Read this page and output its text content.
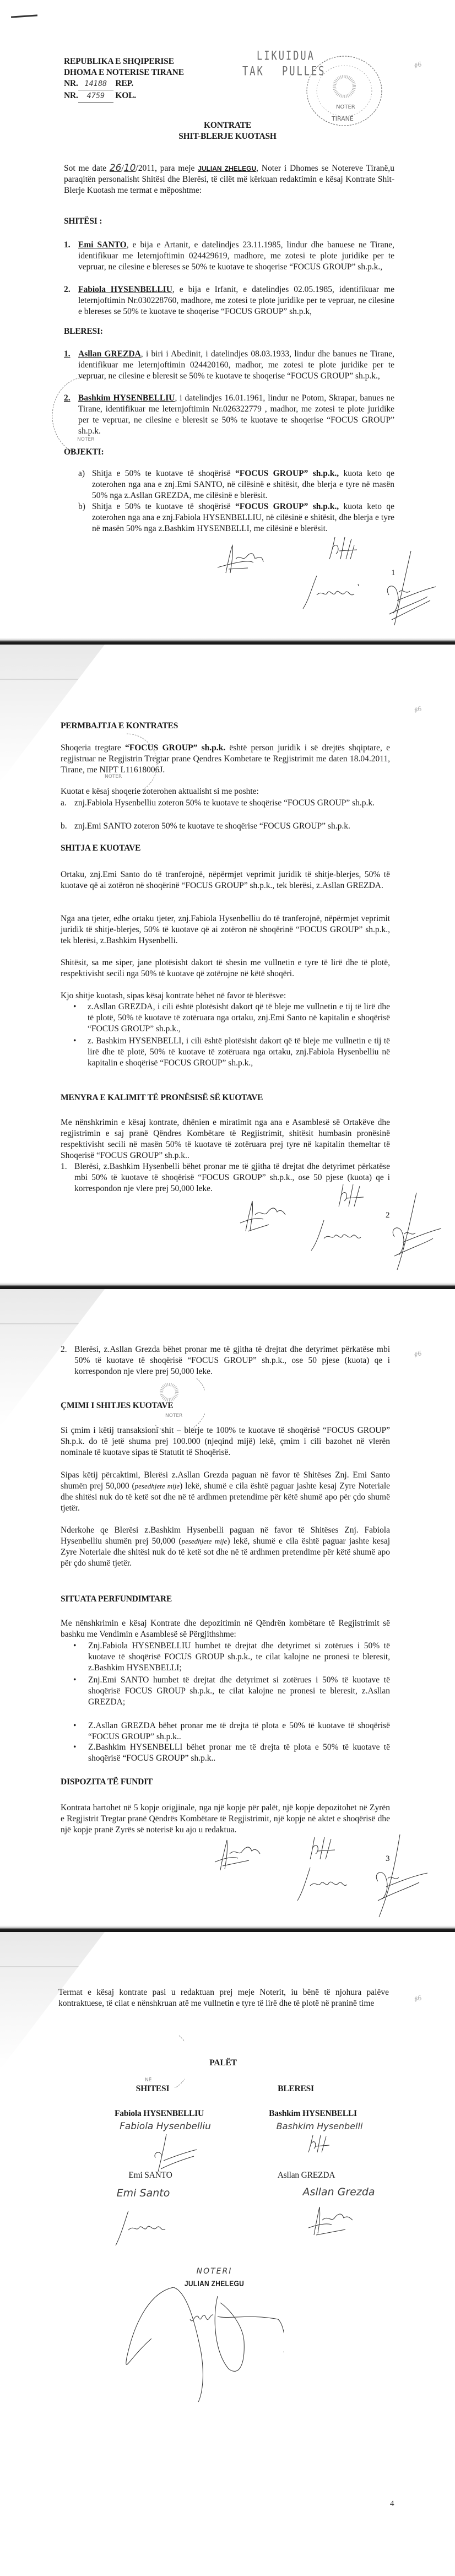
#6
#6
#6
#6
REPUBLIKA E SHQIPERISE
DHOMA E NOTERISE TIRANE
NR. 14188 REP.
NR. 4759 KOL.
LIKUIDUA
TAK PULLES
NOTER
TIRANË
KONTRATE
SHIT-BLERJE KUOTASH
Sot me date 26/10/2011, para meje JULIAN ZHELEGU, Noter i Dhomes se Notereve Tiranë,u paraqitën personalisht Shitësi dhe Blerësi, të cilët më kërkuan redaktimin e kësaj Kontrate Shit-Blerje Kuotash me termat e mëposhtme:
SHITËSI :
1. Emi SANTO, e bija e Artanit, e datelindjes 23.11.1985, lindur dhe banuese ne Tirane, identifikuar me leternjoftimin 024429619, madhore, me zotesi te plote juridike per te vepruar, ne cilesine e blereses se 50% te kuotave te shoqerise “FOCUS GROUP” sh.p.k.,
2. Fabiola HYSENBELLIU, e bija e Irfanit, e datelindjes 02.05.1985, identifikuar me leternjoftimin Nr.030228760, madhore, me zotesi te plote juridike per te vepruar, ne cilesine e blereses se 50% te kuotave te shoqerise “FOCUS GROUP” sh.p.k,
BLERESI:
1. Asllan GREZDA, i biri i Abedinit, i datelindjes 08.03.1933, lindur dhe banues ne Tirane, identifikuar me leternjoftimin 024420160, madhor, me zotesi te plote juridike per te vepruar, ne cilesine e bleresit se 50% te kuotave te shoqerise “FOCUS GROUP” sh.p.k.,
2. Bashkim HYSENBELLIU, i datelindjes 16.01.1961, lindur ne Potom, Skrapar, banues ne Tirane, identifikuar me leternjoftimin Nr.026322779 , madhor, me zotesi te plote juridike per te vepruar, ne cilesine e bleresit se 50% te kuotave te shoqerise “FOCUS GROUP” sh.p.k.
NOTER
OBJEKTI:
a) Shitja e 50% te kuotave të shoqërisë “FOCUS GROUP” sh.p.k., kuota keto qe zoterohen nga ana e znj.Emi SANTO, në cilësinë e shitësit, dhe blerja e tyre në masën 50% nga z.Asllan GREZDA, me cilësinë e blerësit.
b) Shitja e 50% te kuotave të shoqërisë “FOCUS GROUP” sh.p.k., kuota keto qe zoterohen nga ana e znj.Fabiola HYSENBELLIU, në cilësinë e shitësit, dhe blerja e tyre në masën 50% nga z.Bashkim HYSENBELLI, me cilësinë e blerësit.
1
PERMBAJTJA E KONTRATES
Shoqeria tregtare “FOCUS GROUP” sh.p.k. është person juridik i së drejtës shqiptare, e regjistruar ne Regjistrin Tregtar prane Qendres Kombetare te Regjistrimit me daten 18.04.2011, Tirane, me NIPT L11618006J.
NOTER
Kuotat e kësaj shoqerie zoterohen aktualisht si me poshte:
a. znj.Fabiola Hysenbelliu zoteron 50% te kuotave te shoqërise “FOCUS GROUP” sh.p.k.
b. znj.Emi SANTO zoteron 50% te kuotave te shoqërise “FOCUS GROUP” sh.p.k.
SHITJA E KUOTAVE
Ortaku, znj.Emi Santo do të tranferojnë, nëpërmjet veprimit juridik të shitje-blerjes, 50% të kuotave që ai zotëron në shoqërinë “FOCUS GROUP” sh.p.k., tek blerësi, z.Asllan GREZDA.
Nga ana tjeter, edhe ortaku tjeter, znj.Fabiola Hysenbelliu do të tranferojnë, nëpërmjet veprimit juridik të shitje-blerjes, 50% të kuotave që ai zotëron në shoqërinë “FOCUS GROUP” sh.p.k., tek blerësi, z.Bashkim Hysenbelli.
Shitësit, sa me siper, jane plotësisht dakort të shesin me vullnetin e tyre të lirë dhe të plotë, respektivisht secili nga 50% të kuotave që zotërojne në këtë shoqëri.
Kjo shitje kuotash, sipas kësaj kontrate bëhet në favor të blerësve:
•	z.Asllan GREZDA, i cili është plotësisht dakort që të bleje me vullnetin e tij të lirë dhe të plotë, 50% të kuotave të zotëruara nga ortaku, znj.Emi Santo në kapitalin e shoqërisë “FOCUS GROUP” sh.p.k.,
•	z. Bashkim HYSENBELLI, i cili është plotësisht dakort që të bleje me vullnetin e tij të lirë dhe të plotë, 50% të kuotave të zotëruara nga ortaku, znj.Fabiola Hysenbelliu në kapitalin e shoqërisë “FOCUS GROUP” sh.p.k.,
MENYRA E KALIMIT TË PRONËSISË SË KUOTAVE
Me nënshkrimin e kësaj kontrate, dhënien e miratimit nga ana e Asamblesë së Ortakëve dhe regjistrimin e saj pranë Qëndres Kombëtare të Regjistrimit, shitësit humbasin pronësinë respektivisht secili në masën 50% të kuotave të zotëruara prej tyre në kapitalin themeltar të Shoqerisë “FOCUS GROUP” sh.p.k..
1. Blerësi, z.Bashkim Hysenbelli bëhet pronar me të gjitha të drejtat dhe detyrimet përkatëse mbi 50% të kuotave të shoqërisë “FOCUS GROUP” sh.p.k., ose 50 pjese (kuota) qe i korrespondon nje vlere prej 50,000 leke.
2
2. Blerësi, z.Asllan Grezda bëhet pronar me të gjitha të drejtat dhe detyrimet përkatëse mbi 50% të kuotave të shoqërisë “FOCUS GROUP” sh.p.k., ose 50 pjese (kuota) qe i korrespondon nje vlere prej 50,000 leke.
NOTER
ÇMIMI I SHITJES KUOTAVE
Si çmim i këtij transaksioni shit – blerje te 100% te kuotave të shoqërisë “FOCUS GROUP” Sh.p.k. do të jetë shuma prej 100.000 (njeqind mijë) lekë, çmim i cili bazohet në vlerën nominale të kuotave sipas të Statutit të Shoqërisë.
Sipas këtij përcaktimi, Blerësi z.Asllan Grezda paguan në favor të Shitëses Znj. Emi Santo shumën prej 50,000 (pesedhjete mije) lekë, shumë e cila është paguar jashte kesaj Zyre Noteriale dhe shitësi nuk do të ketë sot dhe në të ardhmen pretendime për këtë shumë apo për çdo shumë tjetër.
Nderkohe qe Blerësi z.Bashkim Hysenbelli paguan në favor të Shitëses Znj. Fabiola Hysenbelliu shumën prej 50,000 (pesedhjete mije) lekë, shumë e cila është paguar jashte kesaj Zyre Noteriale dhe shitësi nuk do të ketë sot dhe në të ardhmen pretendime për këtë shumë apo për çdo shumë tjetër.
SITUATA PERFUNDIMTARE
Me nënshkrimin e kësaj Kontrate dhe depozitimin në Qëndrën kombëtare të Regjistrimit së bashku me Vendimin e Asamblesë së Përgjithshme:
•	Znj.Fabiola HYSENBELLIU humbet të drejtat dhe detyrimet si zotërues i 50% të kuotave të shoqërisë FOCUS GROUP sh.p.k., te cilat kalojne ne pronesi te bleresit, z.Bashkim HYSENBELLI;
•	Znj.Emi SANTO humbet të drejtat dhe detyrimet si zotërues i 50% të kuotave të shoqërisë FOCUS GROUP sh.p.k., te cilat kalojne ne pronesi te bleresit, z.Asllan GREZDA;
•	Z.Asllan GREZDA bëhet pronar me të drejta të plota e 50% të kuotave të shoqërisë “FOCUS GROUP” sh.p.k..
•	Z.Bashkim HYSENBELLI bëhet pronar me të drejta të plota e 50% të kuotave të shoqërisë “FOCUS GROUP” sh.p.k..
DISPOZITA TË FUNDIT
Kontrata hartohet në 5 kopje origjinale, nga një kopje për palët, një kopje depozitohet në Zyrën e Regjistrit Tregtar pranë Qëndrës Kombëtare të Regjistrimit, një kopje në aktet e shoqërisë dhe një kopje pranë Zyrës së noterisë ku ajo u redaktua.
3
Termat e kësaj kontrate pasi u redaktuan prej meje Noterit, iu bënë të njohura palëve kontraktuese, të cilat e nënshkruan atë me vullnetin e tyre të lirë dhe të plotë në praninë time
NË
PALËT
SHITESI	BLERESI
Fabiola HYSENBELLIU	Bashkim HYSENBELLI
Fabiola Hysenbelliu	Bashkim Hysenbelli
Emi SANTO	Asllan GREZDA
Emi Santo	Asllan Grezda
NOTERI
JULIAN ZHELEGU
4
